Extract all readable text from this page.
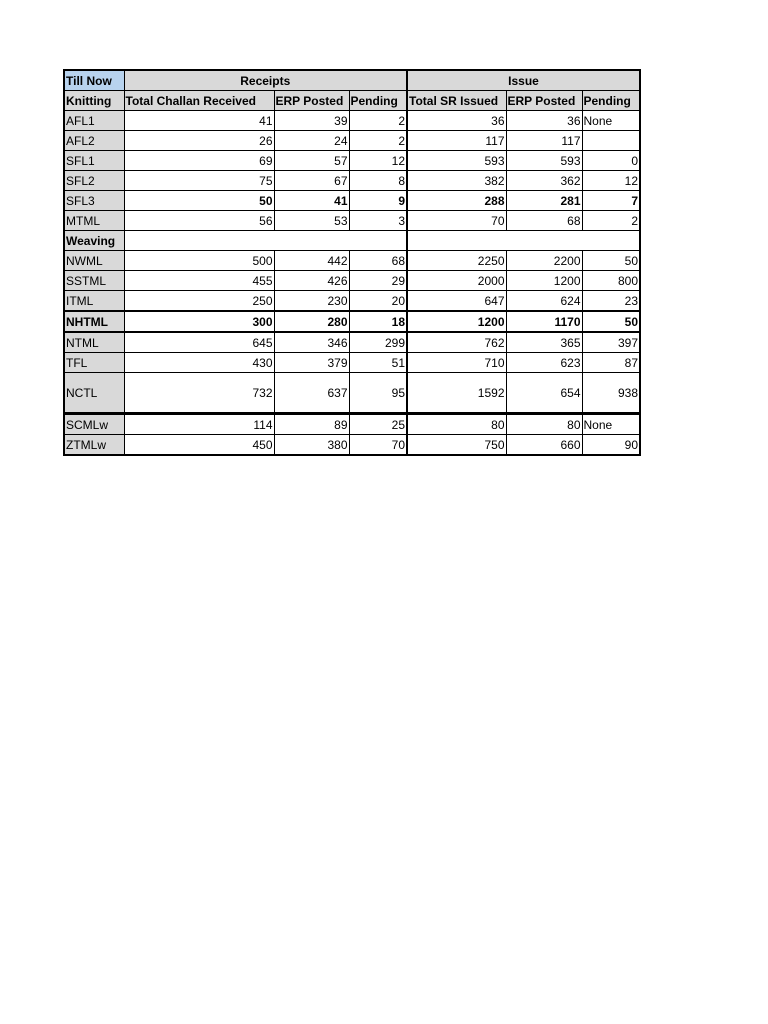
Till Now	Receipts			Issue		
Knitting	Total Challan Received	ERP Posted	Pending	Total SR Issued	ERP Posted	Pending
AFL1	41	39	2	36	36	None
AFL2	26	24	2	117	117	
SFL1	69	57	12	593	593	0
SFL2	75	67	8	382	362	12
SFL3	50	41	9	288	281	7
MTML	56	53	3	70	68	2
Weaving						
NWML	500	442	68	2250	2200	50
SSTML	455	426	29	2000	1200	800
ITML	250	230	20	647	624	23
NHTML	300	280	18	1200	1170	50
NTML	645	346	299	762	365	397
TFL	430	379	51	710	623	87
NCTL	732	637	95	1592	654	938
SCMLw	114	89	25	80	80	None
ZTMLw	450	380	70	750	660	90
